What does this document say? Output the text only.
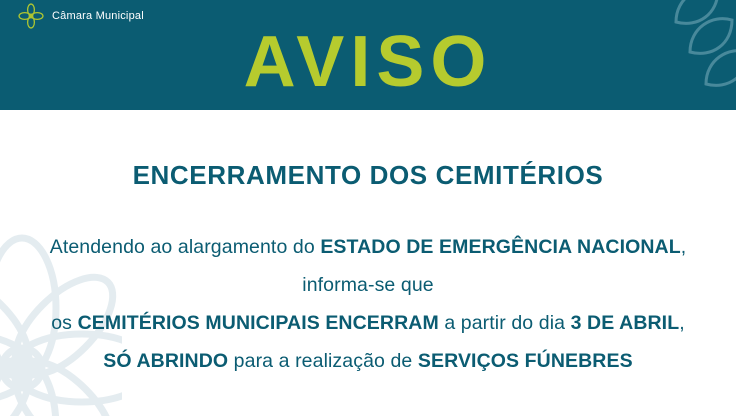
Câmara Municipal
AVISO
ENCERRAMENTO DOS CEMITÉRIOS
Atendendo ao alargamento do ESTADO DE EMERGÊNCIA NACIONAL,
informa-se que
os CEMITÉRIOS MUNICIPAIS ENCERRAM a partir do dia 3 DE ABRIL,
SÓ ABRINDO para a realização de SERVIÇOS FÚNEBRES
